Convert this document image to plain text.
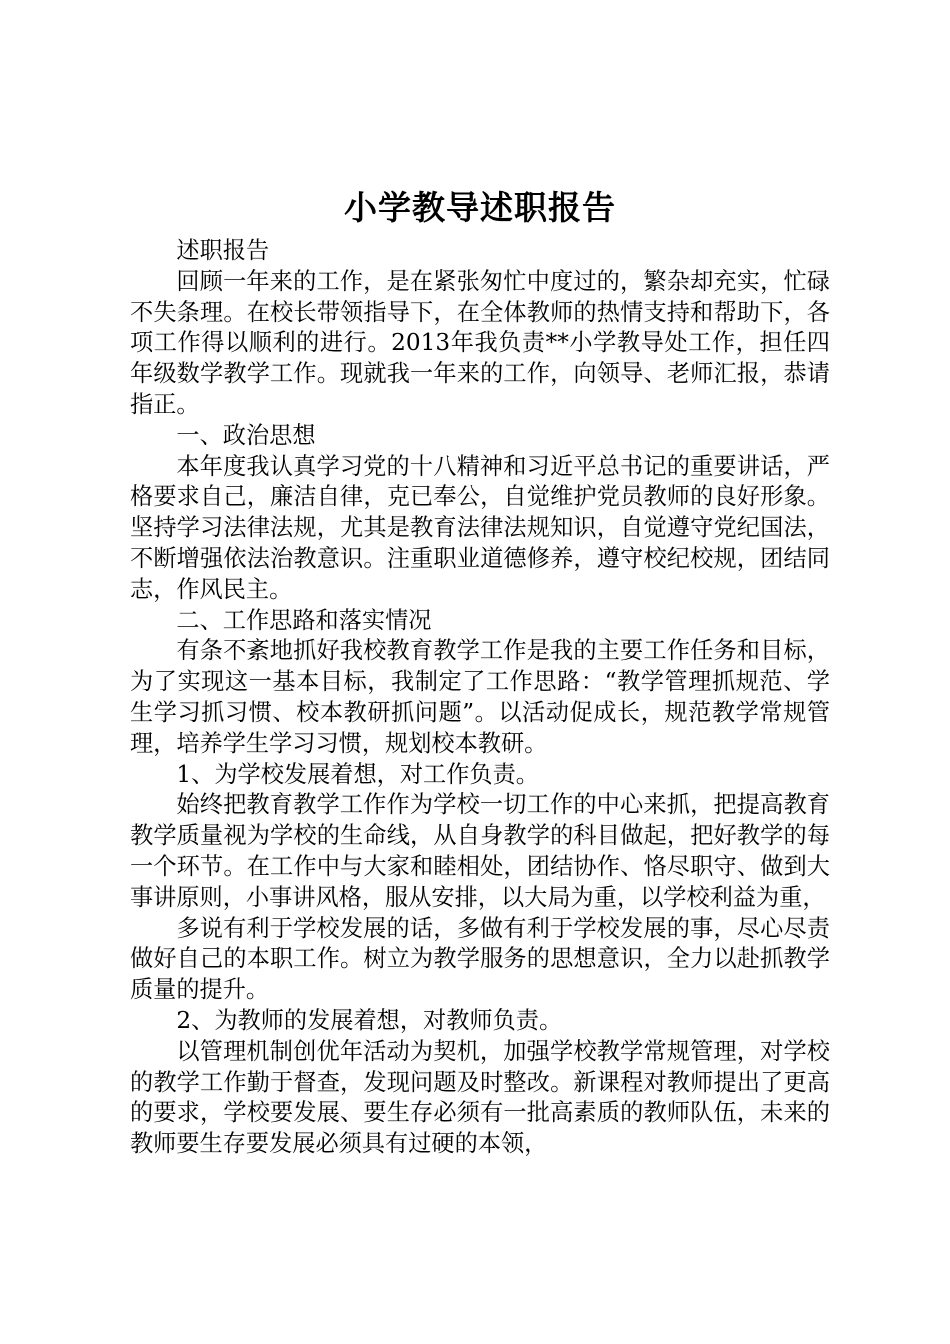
小学教导述职报告

述职报告

回顾一年来的工作，是在紧张匆忙中度过的，繁杂却充实，忙碌不失条理。在校长带领指导下，在全体教师的热情支持和帮助下，各项工作得以顺利的进行。2013年我负责**小学教导处工作，担任四年级数学教学工作。现就我一年来的工作，向领导、老师汇报，恭请指正。

一、政治思想

本年度我认真学习党的十八精神和习近平总书记的重要讲话，严格要求自己，廉洁自律，克已奉公，自觉维护党员教师的良好形象。坚持学习法律法规，尤其是教育法律法规知识，自觉遵守党纪国法，不断增强依法治教意识。注重职业道德修养，遵守校纪校规，团结同志，作风民主。

二、工作思路和落实情况

有条不紊地抓好我校教育教学工作是我的主要工作任务和目标，为了实现这一基本目标，我制定了工作思路：“教学管理抓规范、学生学习抓习惯、校本教研抓问题”。以活动促成长，规范教学常规管理，培养学生学习习惯，规划校本教研。

1、为学校发展着想，对工作负责。

始终把教育教学工作作为学校一切工作的中心来抓，把提高教育教学质量视为学校的生命线，从自身教学的科目做起，把好教学的每一个环节。在工作中与大家和睦相处，团结协作、恪尽职守、做到大事讲原则，小事讲风格，服从安排，以大局为重，以学校利益为重，

多说有利于学校发展的话，多做有利于学校发展的事，尽心尽责做好自己的本职工作。树立为教学服务的思想意识，全力以赴抓教学质量的提升。

2、为教师的发展着想，对教师负责。

以管理机制创优年活动为契机，加强学校教学常规管理，对学校的教学工作勤于督查，发现问题及时整改。新课程对教师提出了更高的要求，学校要发展、要生存必须有一批高素质的教师队伍，未来的教师要生存要发展必须具有过硬的本领，
